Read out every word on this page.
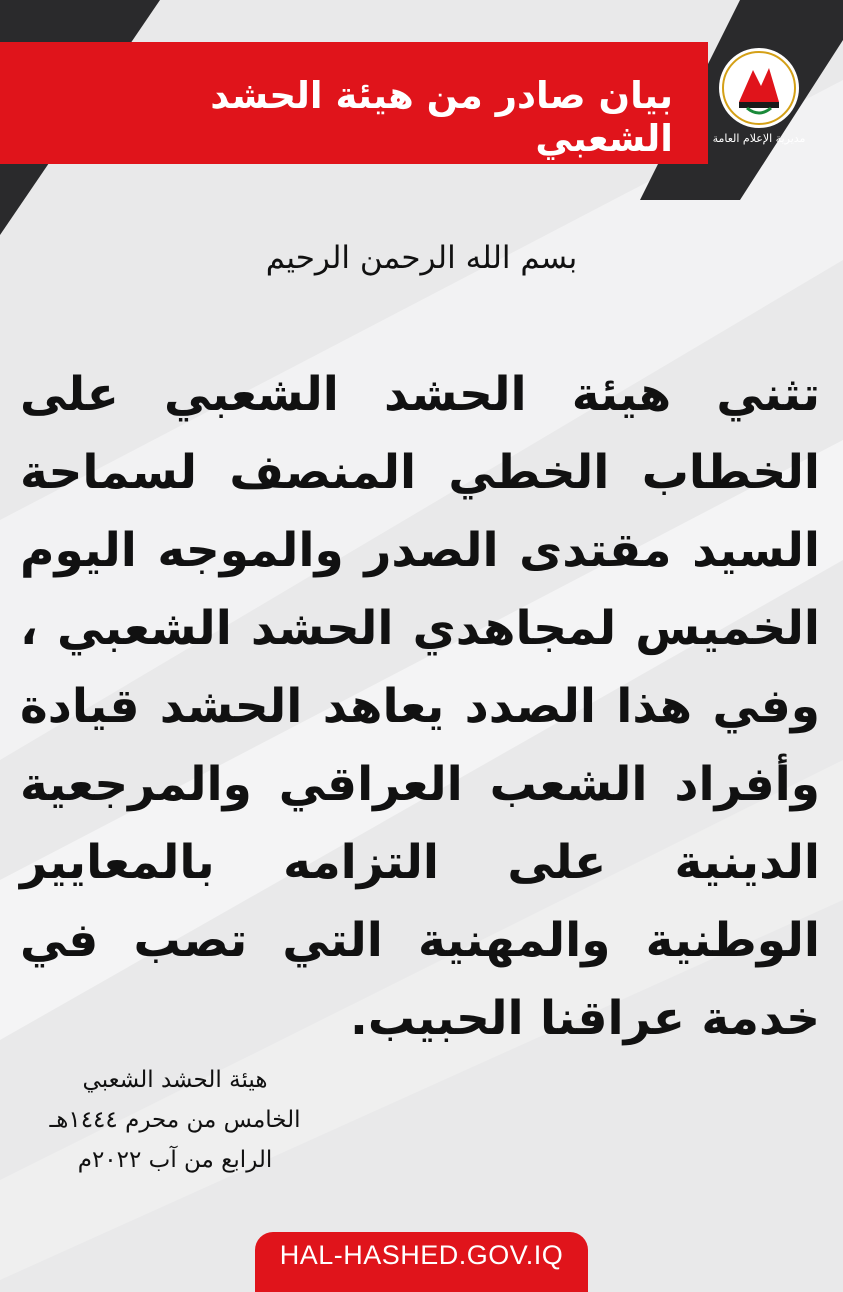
بيان صادر من هيئة الحشد الشعبي	مديرية الإعلام العامة
بسم الله الرحمن الرحيم
تثني هيئة الحشد الشعبي على الخطاب الخطي المنصف لسماحة السيد مقتدى الصدر والموجه اليوم الخميس لمجاهدي الحشد الشعبي ، وفي هذا الصدد يعاهد الحشد قيادة وأفراد الشعب العراقي والمرجعية الدينية على التزامه بالمعايير الوطنية والمهنية التي تصب في خدمة عراقنا الحبيب.
هيئة الحشد الشعبي
الخامس من محرم ١٤٤٤هـ
الرابع من آب ٢٠٢٢م
HAL-HASHED.GOV.IQ
